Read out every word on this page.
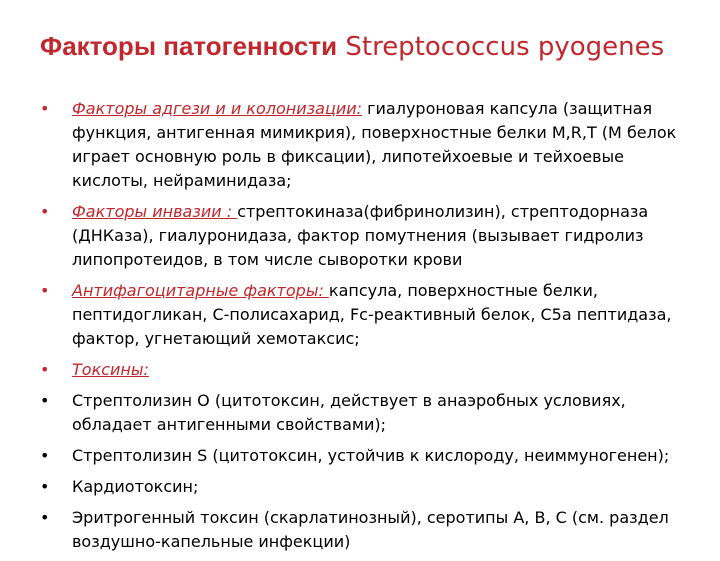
Факторы патогенности Streptococcus pyogenes
• Факторы адгези и и колонизации: гиалуроновая капсула (защитная функция, антигенная мимикрия), поверхностные белки M,R,T (M белок играет основную роль в фиксации), липотейхоевые и тейхоевые кислоты, нейраминидаза;
• Факторы инвазии : стрептокиназа(фибринолизин), стрептодорназа (ДНКаза), гиалуронидаза, фактор помутнения (вызывает гидролиз липопротеидов, в том числе сыворотки крови
• Антифагоцитарные факторы: капсула, поверхностные белки, пептидогликан, C-полисахарид, Fc-реактивный белок, C5a пептидаза, фактор, угнетающий хемотаксис;
• Токсины:
• Стрептолизин O (цитотоксин, действует в анаэробных условиях, обладает антигенными свойствами);
• Стрептолизин S (цитотоксин, устойчив к кислороду, неиммуногенен);
• Кардиотоксин;
• Эритрогенный токсин (скарлатинозный), серотипы A, B, C (см. раздел воздушно-капельные инфекции)
